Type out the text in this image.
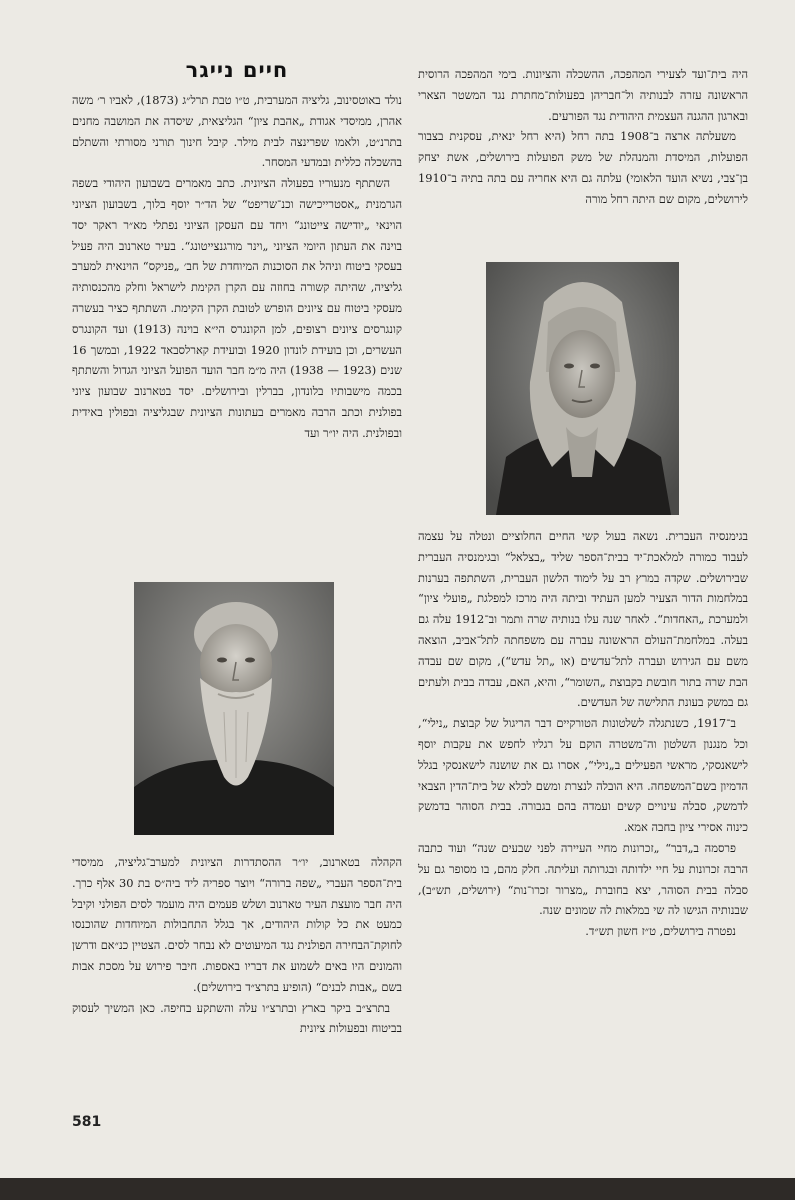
היה בית־ועד לצעירי המהפכה, ההשכלה והציונות. בימי המהפכה הרוסית הראשונה עזרה לבנותיה ול־חבריהן בפעולות־מחתרת נגד המשטר הצארי ובארגון ההגנה העצמית היהודית נגד הפורעים.

משעלתה ארצה ב־1908 בתה רחל (היא רחל ינאית, עסקנית בצבור הפועלות, המיסדת והמנהלת של משק הפועלות בירושלים, אשת יצחק בן־צבי, נשיא הועד הלאומי) עלתה גם היא אחריה עם בתה בתיה ב־1910 לירושלים, מקום שם היתה רחל מורה

בגימנסיה העברית. נשאה בעול קשי החיים החלוציים ונטלה על עצמה לעבוד כמורה למלאכת־יד בבית־הספר שליד „בצלאל“ ובגימנסיה העברית שבירושלים. שקדה במרץ רב על לימוד הלשון העברית, השתתפה בערנות במלחמות הדור הצעיר למען העתיד וביתה היה מרכז למפלגת „פועלי ציון“ ולמערכת „האחדות“. לאחר שנה עלו בנותיה שרה ותמר וב־1912 עלה גם בעלה. במלחמת־העולם הראשונה עברה עם משפחתה לתל־אביב, הוצאה משם עם הגירוש ועברה לתל־עדשים (או „תל עדש“), מקום שם עבדה הבת שרה בתור חובשת בקבוצת „השומר“, והיא, האם, עבדה בבית ולעתים גם במשק בעונת התלישה של העדשים.

ב־1917, כשנתגלה לשלטונות הטורקיים דבר הריגול של קבוצת „נילי“, וכל מנגנון השלטון וה־משטרה הוקם על רגליו לחפש את עקבות יוסף לישאנסקי, מראשי הפעילים ב„נילי“, אסרו גם את שושנה לישאנסקי בגלל הדמיון בשם־המשפחה. היא הובלה לנצרת ומשם לכלא של בית־הדין הצבאי לדמשק, סבלה עינויים קשים ועמדה בהם בגבורה. בבית הסוהר בדמשק כינוה אסירי ציון בחבה אמא.

פרסמה ב„דבר“ „זכרונות מחיי העיירה לפני שבעים שנה“ ועוד כתבה הרבה זכרונות על חיי ילדותה ובגרותה ועליתה. חלק מהם, בו מסופר גם על סבלה בבית הסוהר, יצא בחוברת „מצרור זכרו־נות“ (ירושלים, תש״ב), שבנותיה הגישו לה שי במלאות לה שמונים שנה.

נפטרה בירושלים, ט״ז חשון תש״ד.

חיים נייגר

נולד באוטסינוב, גליציה המערבית, ט״ו טבת תרל״ג (1873), לאביו ר׳ משה אהרן, ממיסדי אגודת „אהבת ציון“ הגליצאית, שיסדה את המושבה מחנים בתרנ״ט, ולאמו שפרינצה לבית מילר. קיבל חינוך תורני מסורתי והשתלם בהשכלה כללית ובמדעי המסחר.

השתתף מנעוריו בפעולה הציונית. כתב מאמרים בשבועון היהודי בשפה הגרמנית „אסטרייכישה וכנ־שריפט“ של הד״ר יוסף בלוך, בשבועון הציוני הוינאי „יודישה צייטונג“ ויחד עם העסקן הציוני נפתלי מא״ר ראקר יסד בוינה את העתון היומי הציוני „וינר מורגנצייטונג“. בעיר טארנוב היה פעיל בעסקי ביטוח וניהל את הסוכנות המיוחדת של חב׳ „פניקס“ הוינאית למערב גליציה, שהיתה קשורה בחוזה עם הקרן הקימת לישראל וחלק מהכנסותיה מעסקי ביטוח עם ציונים הופרש לטובת הקרן הקימת. השתתף כציר בעשרה קונגרסים ציונים רצופים, למן הקונגרס הי״א בוינה (1913) ועד הקונגרס העשרים, וכן בועידת לונדון 1920 ובועידת קארלסבאד 1922, ובמשך 16 שנים (1923 — 1938) היה מ״מ חבר הועד הפועל הציוני הגדול והשתתף בכמה מישבותיו בלונדון, בברלין ובירושלים. יסד בטארנוב שבועון ציוני בפולנית וכתב הרבה מאמרים בעתונות הציונית שבגליציה ובפולין באידית ובפולנית. היה יו״ר ועד

הקהלה בטארנוב, יו״ר ההסתדרות הציונית למערב־גליציה, ממיסדי בית־הספר העברי „שפה ברורה“ ויוצר ספריה ליד ביה״ס בת 30 אלף כרך. היה חבר מועצת העיר טארנוב ושלש פעמים היה מועמד לסים הפולני וקיבל כמעט את כל קולות היהודים, אך בגלל התחבולות המיוחדות שהוכנסו לחוקת־הבחירה הפולנית נגד המיעוטים לא נבחר לסים. הצטיין כנ״אם ודרשן והמונים היו באים לשמוע את דבריו באספות. חיבר פירוש על מסכת אבות בשם „אבות לבנים“ (הופיע בתרצ״ד בירושלים).

בתרצ״ב ביקר בארץ ובתרצ״ו עלה והשתקע בחיפה. כאן המשיך לעסוק בביטוח ובפעולות ציונית

581
